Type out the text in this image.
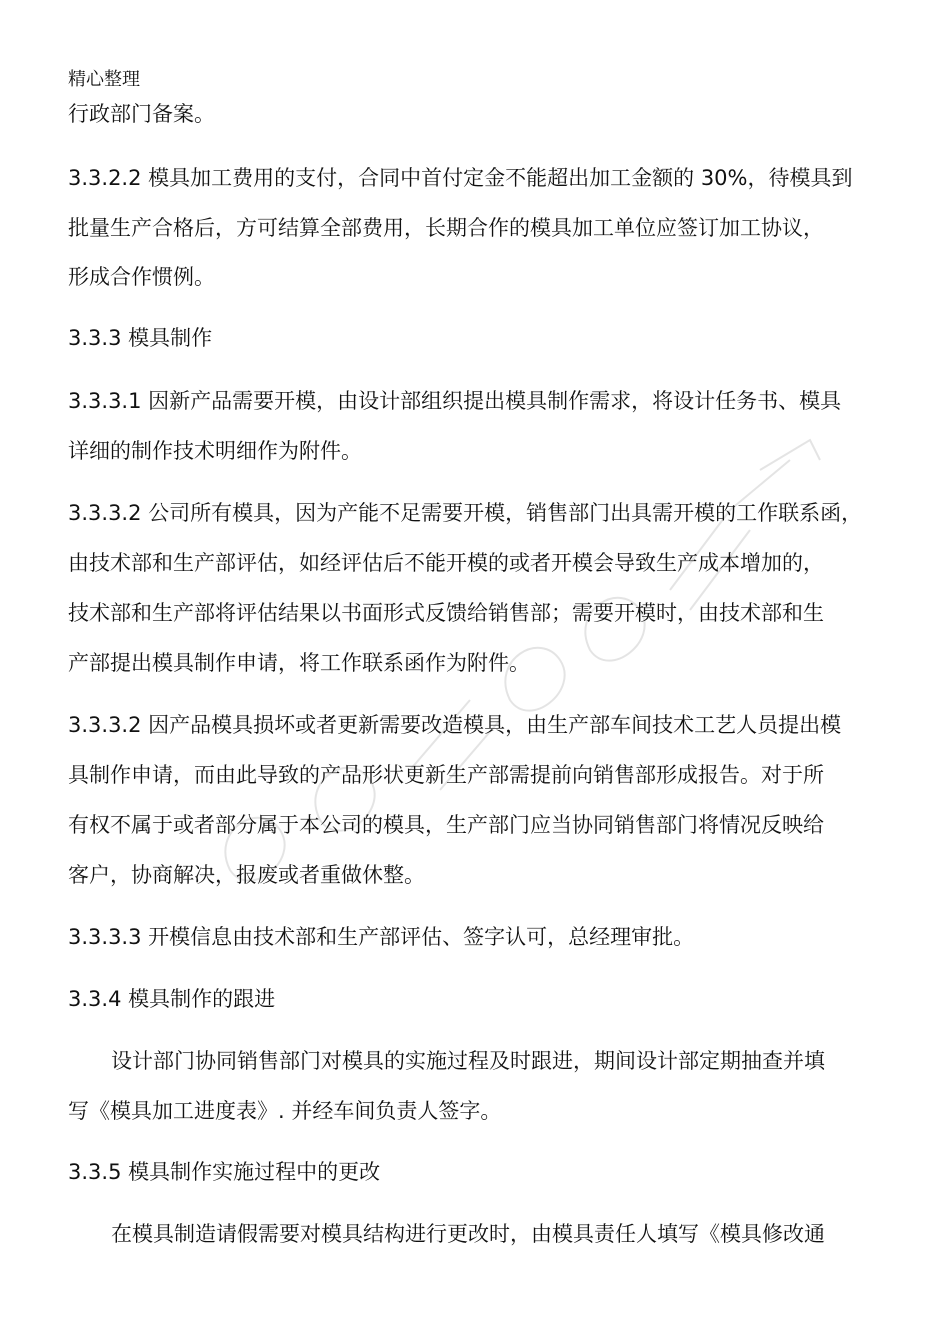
精心整理
行政部门备案。
3.3.2.2 模具加工费用的支付，合同中首付定金不能超出加工金额的 30%，待模具到
批量生产合格后，方可结算全部费用，长期合作的模具加工单位应签订加工协议，
形成合作惯例。
3.3.3 模具制作
3.3.3.1 因新产品需要开模，由设计部组织提出模具制作需求，将设计任务书、模具
详细的制作技术明细作为附件。
3.3.3.2 公司所有模具，因为产能不足需要开模，销售部门出具需开模的工作联系函，
由技术部和生产部评估，如经评估后不能开模的或者开模会导致生产成本增加的，
技术部和生产部将评估结果以书面形式反馈给销售部；需要开模时，由技术部和生
产部提出模具制作申请，将工作联系函作为附件。
3.3.3.2 因产品模具损坏或者更新需要改造模具，由生产部车间技术工艺人员提出模
具制作申请，而由此导致的产品形状更新生产部需提前向销售部形成报告。对于所
有权不属于或者部分属于本公司的模具，生产部门应当协同销售部门将情况反映给
客户，协商解决，报废或者重做休整。
3.3.3.3 开模信息由技术部和生产部评估、签字认可，总经理审批。
3.3.4 模具制作的跟进
设计部门协同销售部门对模具的实施过程及时跟进，期间设计部定期抽查并填
写《模具加工进度表》. 并经车间负责人签字。
3.3.5 模具制作实施过程中的更改
在模具制造请假需要对模具结构进行更改时，由模具责任人填写《模具修改通
